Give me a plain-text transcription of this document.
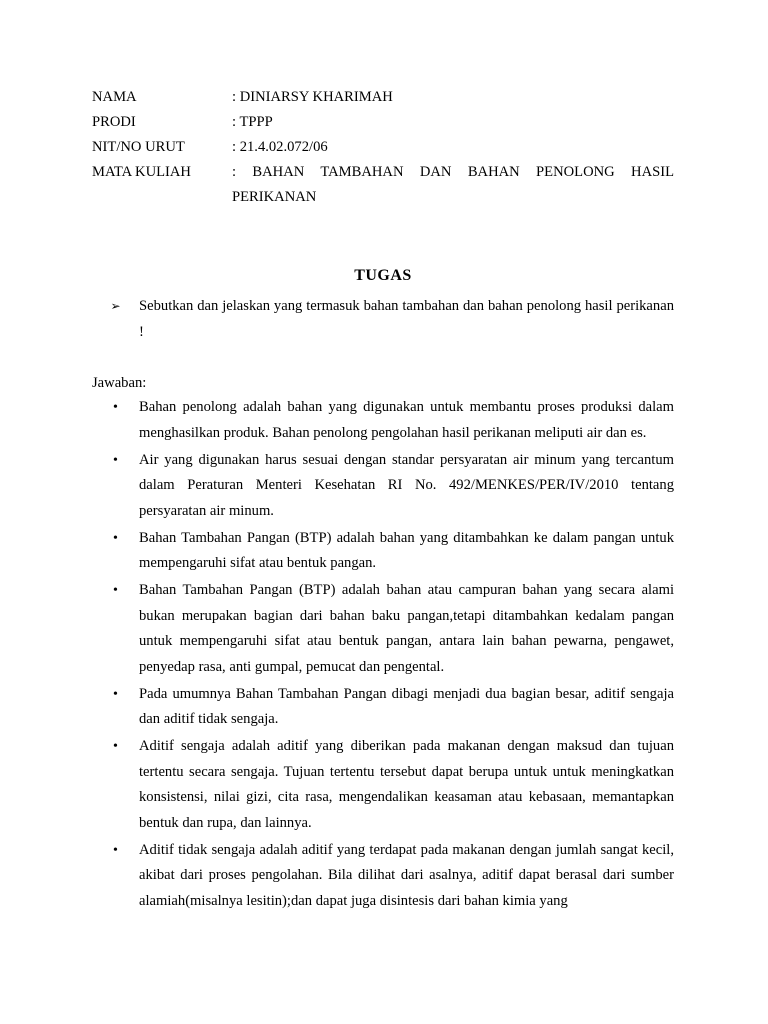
NAMA	: DINIARSY KHARIMAH
PRODI	: TPPP
NIT/NO URUT	: 21.4.02.072/06
MATA KULIAH	: BAHAN TAMBAHAN DAN BAHAN PENOLONG HASIL PERIKANAN
TUGAS
➢	Sebutkan dan jelaskan yang termasuk bahan tambahan dan bahan penolong hasil perikanan !
Jawaban:
•	Bahan penolong adalah bahan yang digunakan untuk membantu proses produksi dalam menghasilkan produk. Bahan penolong pengolahan hasil perikanan meliputi air dan es.
•	Air yang digunakan harus sesuai dengan standar persyaratan air minum yang tercantum dalam Peraturan Menteri Kesehatan RI No. 492/MENKES/PER/IV/2010 tentang persyaratan air minum.
•	Bahan Tambahan Pangan (BTP) adalah bahan yang ditambahkan ke dalam pangan untuk mempengaruhi sifat atau bentuk pangan.
•	Bahan Tambahan Pangan (BTP) adalah bahan atau campuran bahan yang secara alami bukan merupakan bagian dari bahan baku pangan,tetapi ditambahkan kedalam pangan untuk mempengaruhi sifat atau bentuk pangan, antara lain bahan pewarna, pengawet, penyedap rasa, anti gumpal, pemucat dan pengental.
•	Pada umumnya Bahan Tambahan Pangan dibagi menjadi dua bagian besar, aditif sengaja dan aditif tidak sengaja.
•	Aditif sengaja adalah aditif yang diberikan pada makanan dengan maksud dan tujuan tertentu secara sengaja. Tujuan tertentu tersebut dapat berupa untuk untuk meningkatkan konsistensi, nilai gizi, cita rasa, mengendalikan keasaman atau kebasaan, memantapkan bentuk dan rupa, dan lainnya.
•	Aditif tidak sengaja adalah aditif yang terdapat pada makanan dengan jumlah sangat kecil, akibat dari proses pengolahan. Bila dilihat dari asalnya, aditif dapat berasal dari sumber alamiah(misalnya lesitin);dan dapat juga disintesis dari bahan kimia yang
